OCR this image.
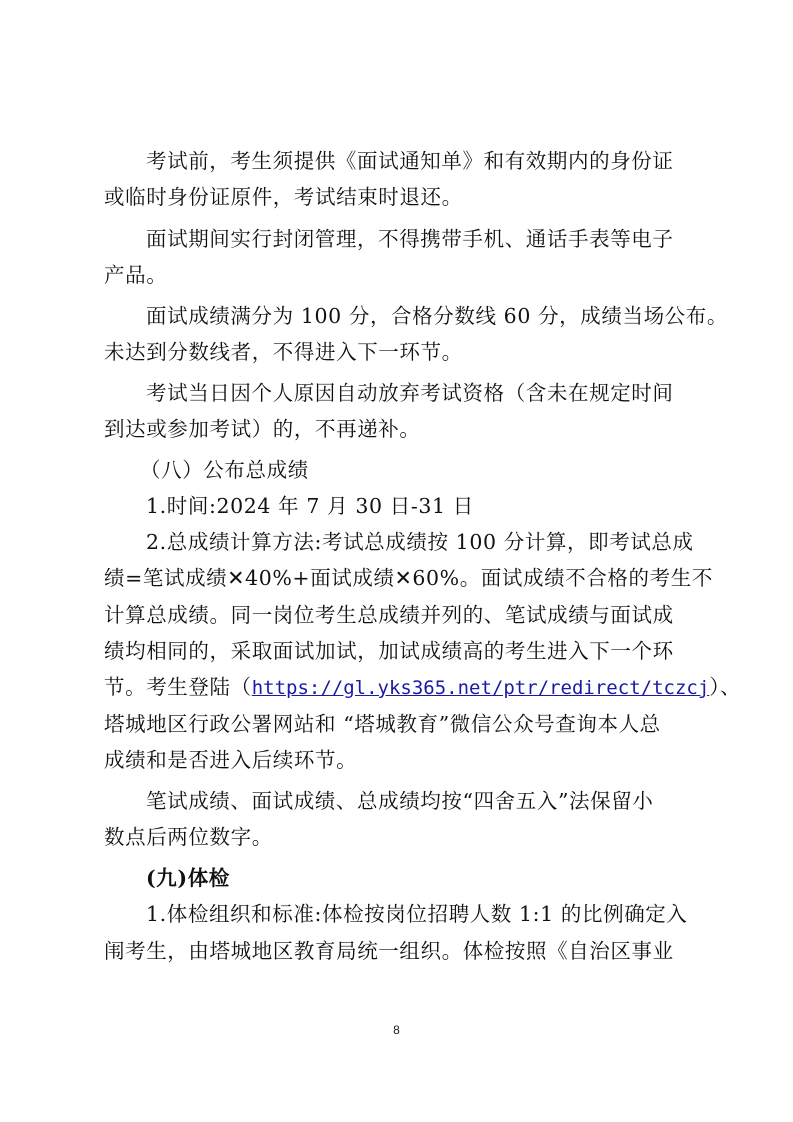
考试前，考生须提供《面试通知单》和有效期内的身份证
或临时身份证原件，考试结束时退还。
面试期间实行封闭管理，不得携带手机、通话手表等电子
产品。
面试成绩满分为 100 分，合格分数线 60 分，成绩当场公布。
未达到分数线者，不得进入下一环节。
考试当日因个人原因自动放弃考试资格（含未在规定时间
到达或参加考试）的，不再递补。
（八）公布总成绩
1.时间:2024 年 7 月 30 日-31 日
2.总成绩计算方法:考试总成绩按 100 分计算，即考试总成
绩=笔试成绩✕40%+面试成绩✕60%。面试成绩不合格的考生不
计算总成绩。同一岗位考生总成绩并列的、笔试成绩与面试成
绩均相同的，采取面试加试，加试成绩高的考生进入下一个环
节。考生登陆（https://gl.yks365.net/ptr/redirect/tczcj）、
塔城地区行政公署网站和 “塔城教育”微信公众号查询本人总
成绩和是否进入后续环节。
笔试成绩、面试成绩、总成绩均按“四舍五入”法保留小
数点后两位数字。
(九)体检
1.体检组织和标准:体检按岗位招聘人数 1:1 的比例确定入
闱考生，由塔城地区教育局统一组织。体检按照《自治区事业
8
